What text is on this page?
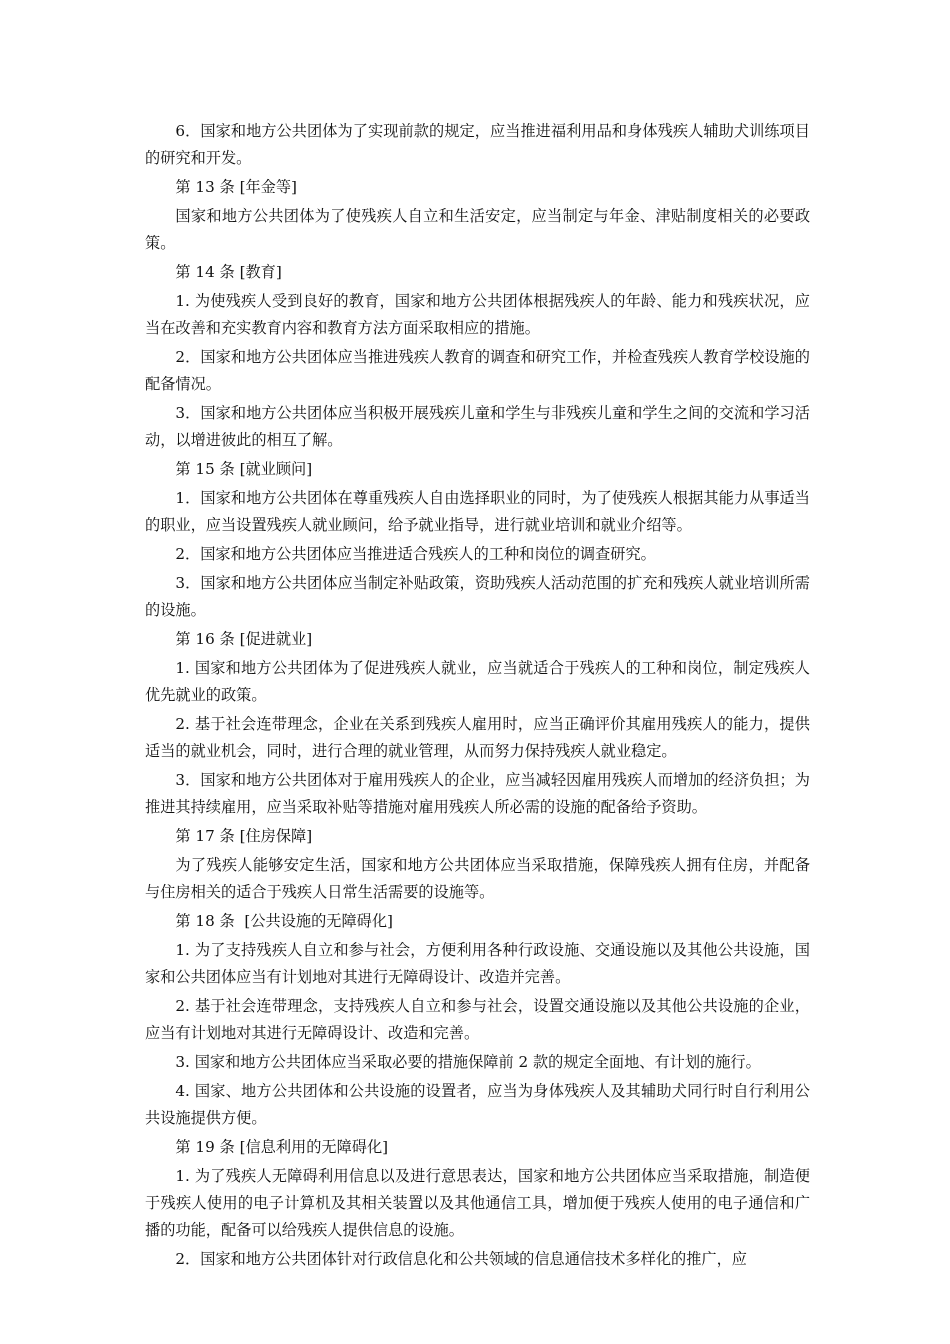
6．国家和地方公共团体为了实现前款的规定，应当推进福利用品和身体残疾人辅助犬训练项目的研究和开发。
第 13 条 [年金等]
国家和地方公共团体为了使残疾人自立和生活安定，应当制定与年金、津贴制度相关的必要政策。
第 14 条 [教育]
1. 为使残疾人受到良好的教育，国家和地方公共团体根据残疾人的年龄、能力和残疾状况，应当在改善和充实教育内容和教育方法方面采取相应的措施。
2．国家和地方公共团体应当推进残疾人教育的调查和研究工作，并检查残疾人教育学校设施的配备情况。
3．国家和地方公共团体应当积极开展残疾儿童和学生与非残疾儿童和学生之间的交流和学习活动，以增进彼此的相互了解。
第 15 条 [就业顾问]
1．国家和地方公共团体在尊重残疾人自由选择职业的同时，为了使残疾人根据其能力从事适当的职业，应当设置残疾人就业顾问，给予就业指导，进行就业培训和就业介绍等。
2．国家和地方公共团体应当推进适合残疾人的工种和岗位的调查研究。
3．国家和地方公共团体应当制定补贴政策，资助残疾人活动范围的扩充和残疾人就业培训所需的设施。
第 16 条 [促进就业]
1. 国家和地方公共团体为了促进残疾人就业，应当就适合于残疾人的工种和岗位，制定残疾人优先就业的政策。
2. 基于社会连带理念，企业在关系到残疾人雇用时，应当正确评价其雇用残疾人的能力，提供适当的就业机会，同时，进行合理的就业管理，从而努力保持残疾人就业稳定。
3．国家和地方公共团体对于雇用残疾人的企业，应当减轻因雇用残疾人而增加的经济负担；为推进其持续雇用，应当采取补贴等措施对雇用残疾人所必需的设施的配备给予资助。
第 17 条 [住房保障]
为了残疾人能够安定生活，国家和地方公共团体应当采取措施，保障残疾人拥有住房，并配备与住房相关的适合于残疾人日常生活需要的设施等。
第 18 条  [公共设施的无障碍化]
1. 为了支持残疾人自立和参与社会，方便利用各种行政设施、交通设施以及其他公共设施，国家和公共团体应当有计划地对其进行无障碍设计、改造并完善。
2. 基于社会连带理念，支持残疾人自立和参与社会，设置交通设施以及其他公共设施的企业，应当有计划地对其进行无障碍设计、改造和完善。
3. 国家和地方公共团体应当采取必要的措施保障前 2 款的规定全面地、有计划的施行。
4. 国家、地方公共团体和公共设施的设置者，应当为身体残疾人及其辅助犬同行时自行利用公共设施提供方便。
第 19 条 [信息利用的无障碍化]
1. 为了残疾人无障碍利用信息以及进行意思表达，国家和地方公共团体应当采取措施，制造便于残疾人使用的电子计算机及其相关装置以及其他通信工具，增加便于残疾人使用的电子通信和广播的功能，配备可以给残疾人提供信息的设施。
2．国家和地方公共团体针对行政信息化和公共领域的信息通信技术多样化的推广，应
